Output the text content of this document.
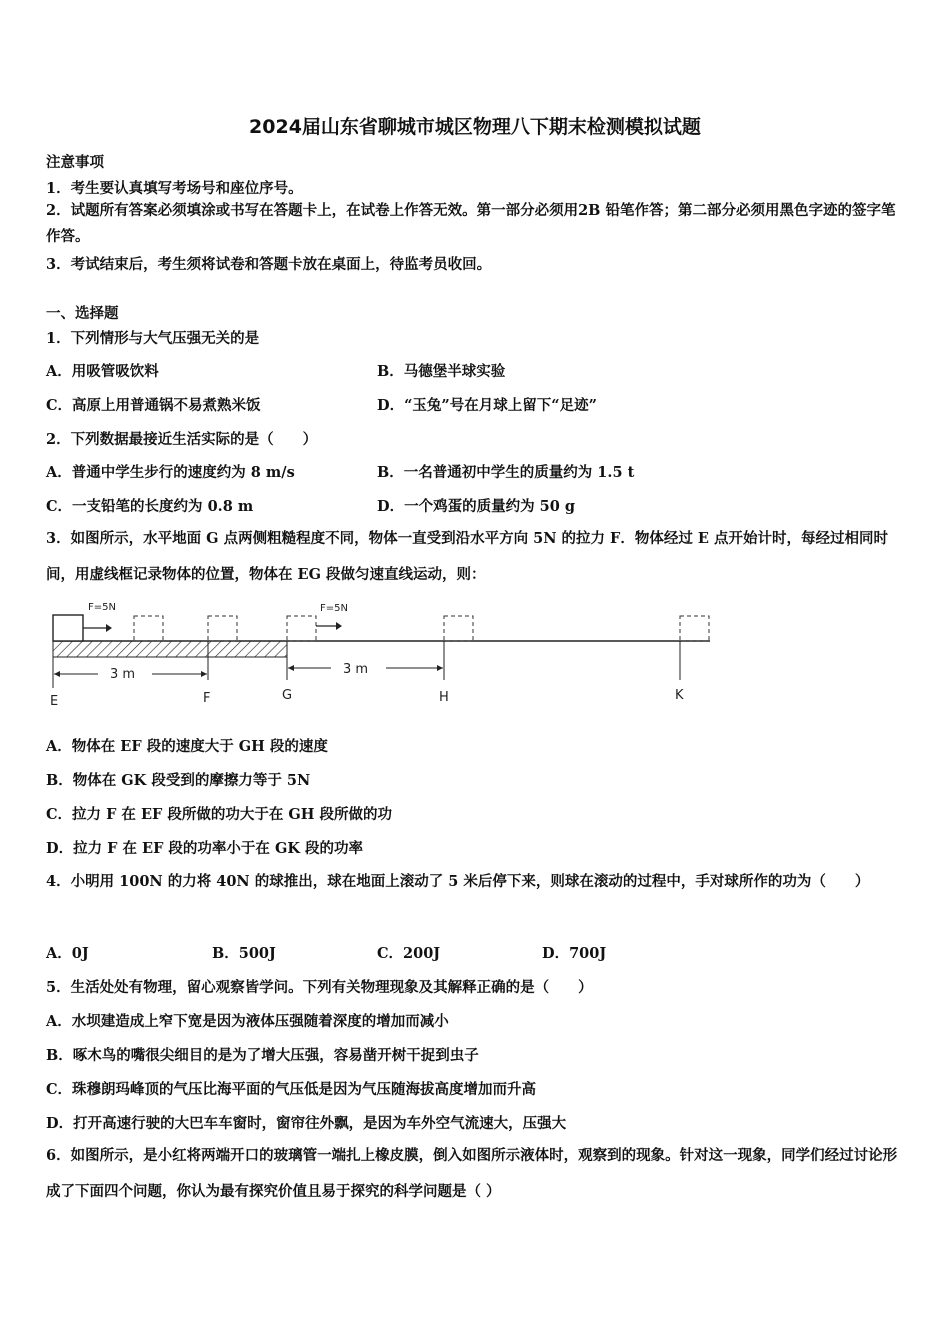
2024届山东省聊城市城区物理八下期末检测模拟试题
注意事项
1．考生要认真填写考场号和座位序号。
2．试题所有答案必须填涂或书写在答题卡上，在试卷上作答无效。第一部分必须用2B 铅笔作答；第二部分必须用黑色字迹的签字笔作答。
3．考试结束后，考生须将试卷和答题卡放在桌面上，待监考员收回。
一、选择题
1．下列情形与大气压强无关的是
A．用吸管吸饮料	B．马德堡半球实验
C．高原上用普通锅不易煮熟米饭	D．“玉兔”号在月球上留下“足迹”
2．下列数据最接近生活实际的是（　　）
A．普通中学生步行的速度约为 8 m/s	B．一名普通初中学生的质量约为 1.5 t
C．一支铅笔的长度约为 0.8 m	D．一个鸡蛋的质量约为 50 g
3．如图所示，水平地面 G 点两侧粗糙程度不同，物体一直受到沿水平方向 5N 的拉力 F．物体经过 E 点开始计时，每经过相同时间，用虚线框记录物体的位置，物体在 EG 段做匀速直线运动，则：
F=5N	F=5N
3 m	3 m
E	F	G	H	K
A．物体在 EF 段的速度大于 GH 段的速度
B．物体在 GK 段受到的摩擦力等于 5N
C．拉力 F 在 EF 段所做的功大于在 GH 段所做的功
D．拉力 F 在 EF 段的功率小于在 GK 段的功率
4．小明用 100N 的力将 40N 的球推出，球在地面上滚动了 5 米后停下来，则球在滚动的过程中，手对球所作的功为（　　）
A．0J	B．500J	C．200J	D．700J
5．生活处处有物理，留心观察皆学问。下列有关物理现象及其解释正确的是（　　）
A．水坝建造成上窄下宽是因为液体压强随着深度的增加而减小
B．啄木鸟的嘴很尖细目的是为了增大压强，容易凿开树干捉到虫子
C．珠穆朗玛峰顶的气压比海平面的气压低是因为气压随海拔高度增加而升高
D．打开高速行驶的大巴车车窗时，窗帘往外飘，是因为车外空气流速大，压强大
6．如图所示，是小红将两端开口的玻璃管一端扎上橡皮膜，倒入如图所示液体时，观察到的现象。针对这一现象，同学们经过讨论形成了下面四个问题，你认为最有探究价值且易于探究的科学问题是（ ）
